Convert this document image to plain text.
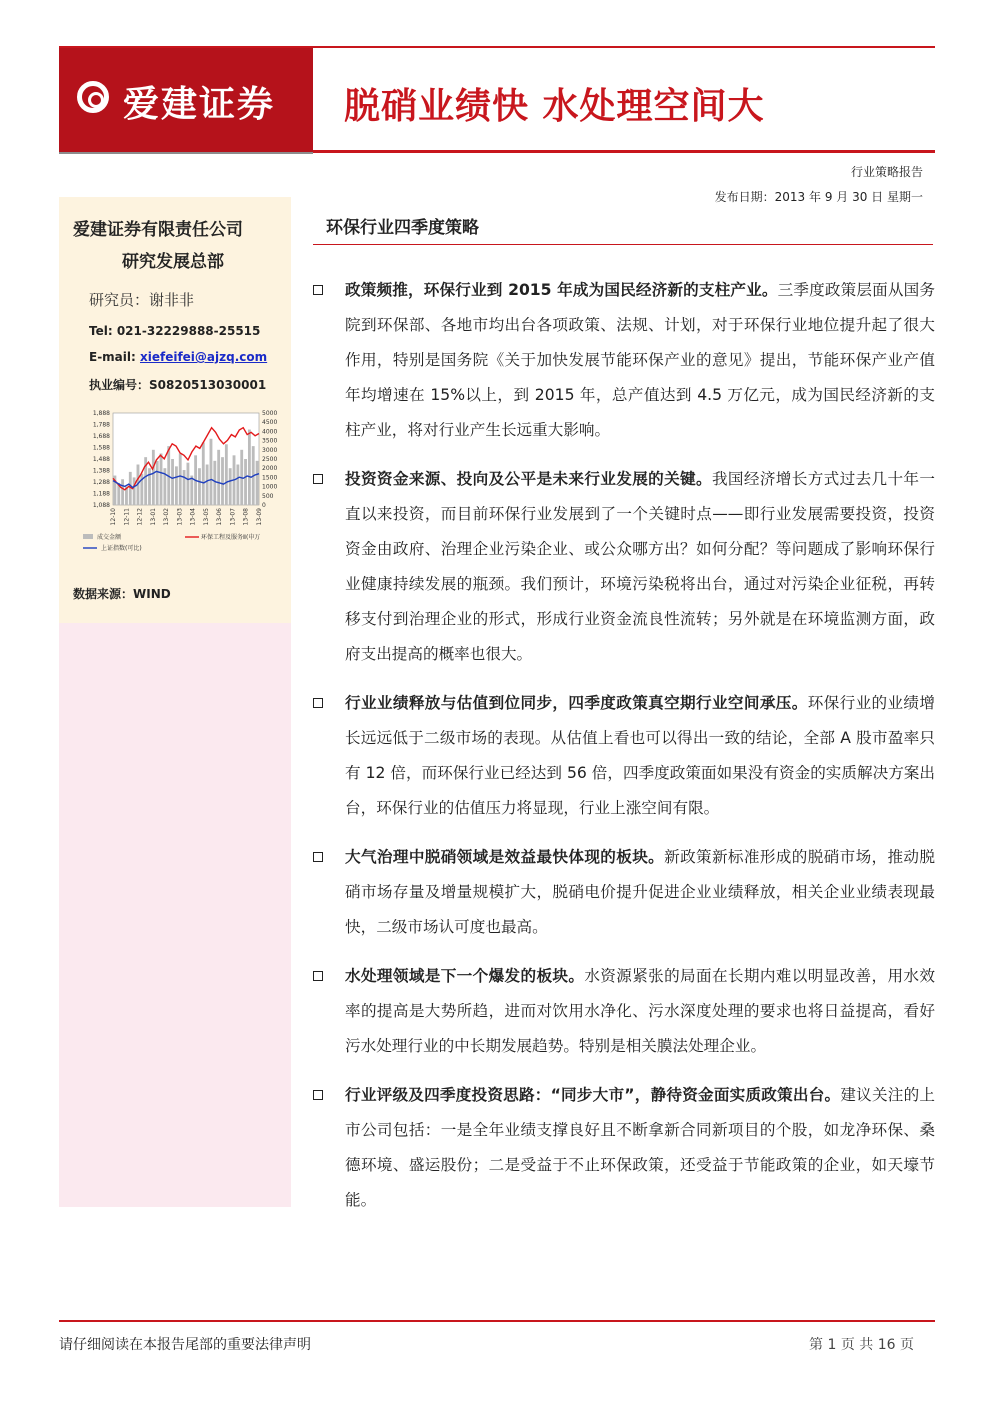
爱建证券 脱硝业绩快 水处理空间大
行业策略报告
发布日期：2013 年 9 月 30 日 星期一
爱建证券有限责任公司
研究发展总部
研究员：谢非非
Tel: 021-32229888-25515
E-mail: xiefeifei@ajzq.com
执业编号：S0820513030001
1,888
1,788
1,688
1,588
1,488
1,388
1,288
1,188
1,088
5000
4500
4000
3500
3000
2500
2000
1500
1000
500
0
12-10 12-11 12-12 13-01 13-02 13-03 13-04 13-05 13-06 13-07 13-08 13-09
成交金额	环保工程及服务Ⅱ(申万
上证指数(可比)
数据来源：WIND
环保行业四季度策略
政策频推，环保行业到 2015 年成为国民经济新的支柱产业。三季度政策层面从国务院到环保部、各地市均出台各项政策、法规、计划，对于环保行业地位提升起了很大作用，特别是国务院《关于加快发展节能环保产业的意见》提出，节能环保产业产值年均增速在 15%以上，到 2015 年，总产值达到 4.5 万亿元，成为国民经济新的支柱产业，将对行业产生长远重大影响。
投资资金来源、投向及公平是未来行业发展的关键。我国经济增长方式过去几十年一直以来投资，而目前环保行业发展到了一个关键时点——即行业发展需要投资，投资资金由政府、治理企业污染企业、或公众哪方出？如何分配？等问题成了影响环保行业健康持续发展的瓶颈。我们预计，环境污染税将出台，通过对污染企业征税，再转移支付到治理企业的形式，形成行业资金流良性流转；另外就是在环境监测方面，政府支出提高的概率也很大。
行业业绩释放与估值到位同步，四季度政策真空期行业空间承压。环保行业的业绩增长远远低于二级市场的表现。从估值上看也可以得出一致的结论，全部 A 股市盈率只有 12 倍，而环保行业已经达到 56 倍，四季度政策面如果没有资金的实质解决方案出台，环保行业的估值压力将显现，行业上涨空间有限。
大气治理中脱硝领域是效益最快体现的板块。新政策新标准形成的脱硝市场，推动脱硝市场存量及增量规模扩大，脱硝电价提升促进企业业绩释放，相关企业业绩表现最快，二级市场认可度也最高。
水处理领域是下一个爆发的板块。水资源紧张的局面在长期内难以明显改善，用水效率的提高是大势所趋，进而对饮用水净化、污水深度处理的要求也将日益提高，看好污水处理行业的中长期发展趋势。特别是相关膜法处理企业。
行业评级及四季度投资思路：“同步大市”，静待资金面实质政策出台。建议关注的上市公司包括：一是全年业绩支撑良好且不断拿新合同新项目的个股，如龙净环保、桑德环境、盛运股份；二是受益于不止环保政策，还受益于节能政策的企业，如天壕节能。
请仔细阅读在本报告尾部的重要法律声明	第 1 页 共 16 页
